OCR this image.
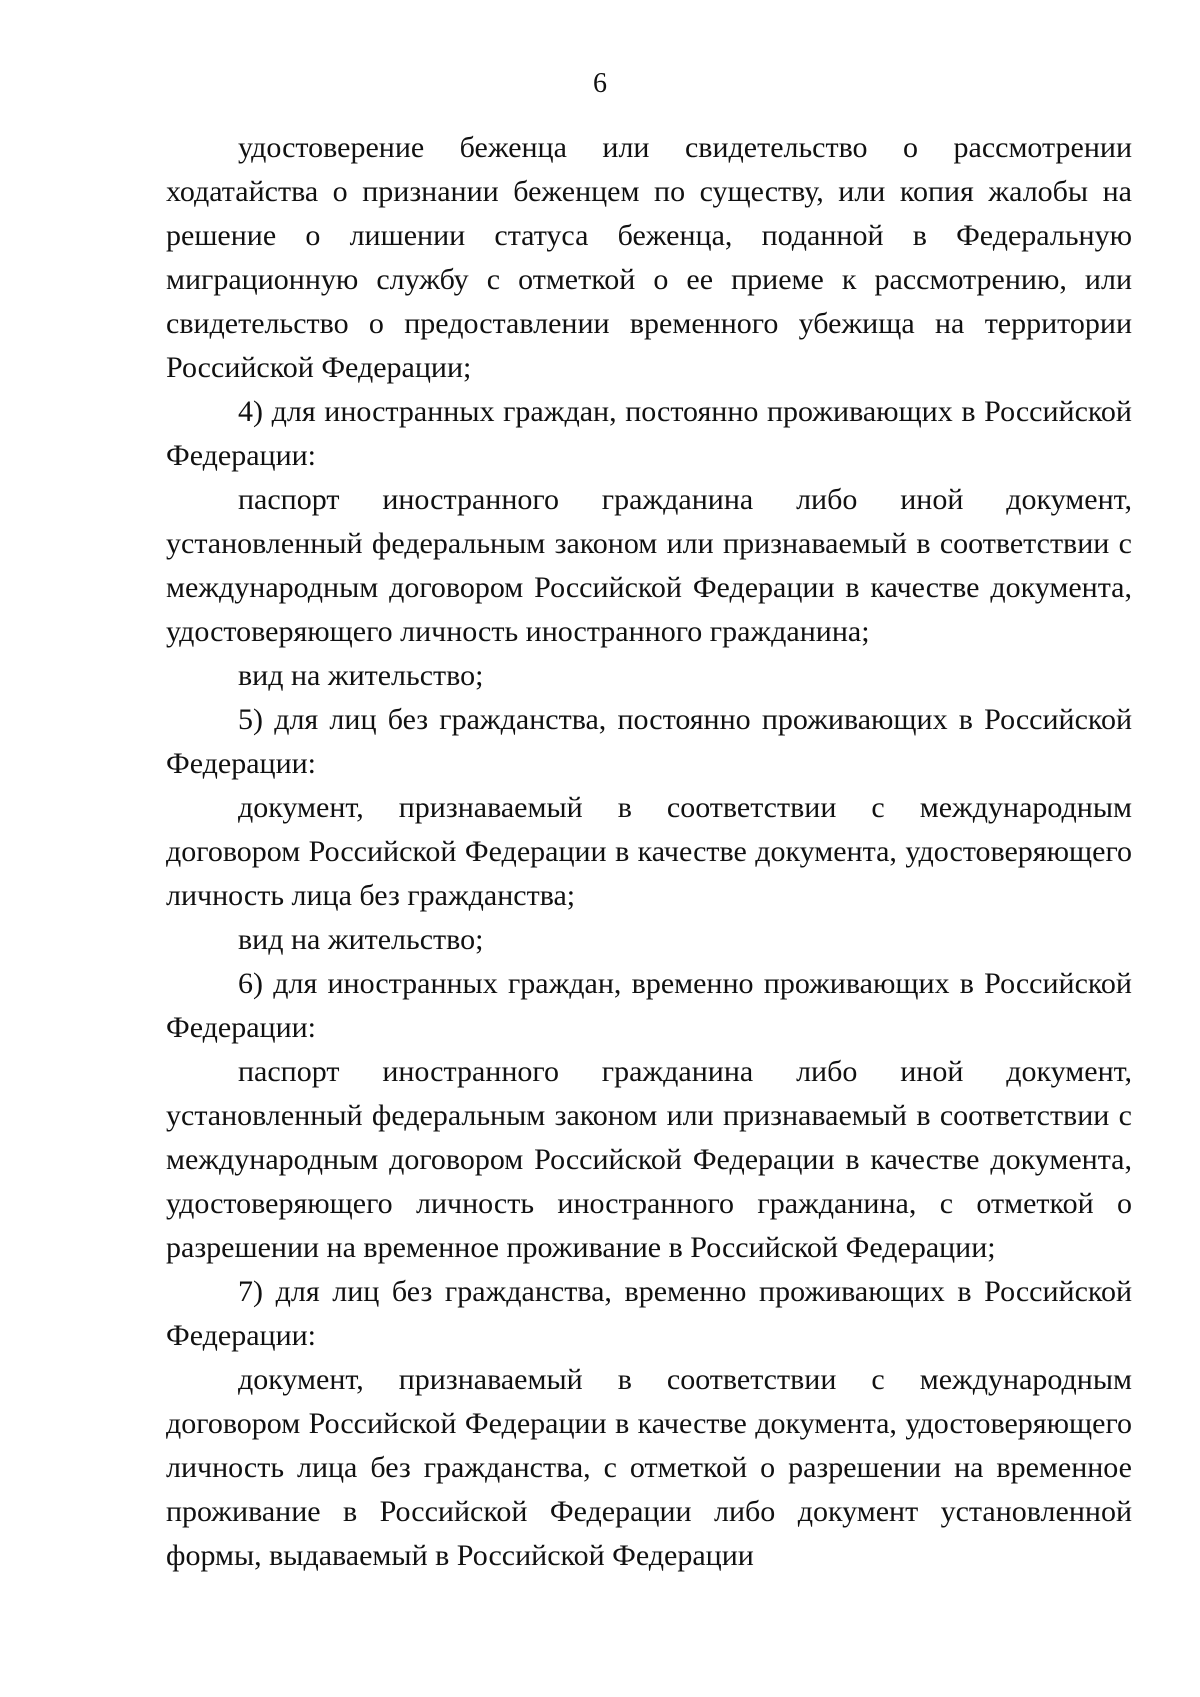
6

удостоверение беженца или свидетельство о рассмотрении ходатайства о признании беженцем по существу, или копия жалобы на решение о лишении статуса беженца, поданной в Федеральную миграционную службу с отметкой о ее приеме к рассмотрению, или свидетельство о предоставлении временного убежища на территории Российской Федерации;

4) для иностранных граждан, постоянно проживающих в Российской Федерации:

паспорт иностранного гражданина либо иной документ, установленный федеральным законом или признаваемый в соответствии с международным договором Российской Федерации в качестве документа, удостоверяющего личность иностранного гражданина;

вид на жительство;

5) для лиц без гражданства, постоянно проживающих в Российской Федерации:

документ, признаваемый в соответствии с международным договором Российской Федерации в качестве документа, удостоверяющего личность лица без гражданства;

вид на жительство;

6) для иностранных граждан, временно проживающих в Российской Федерации:

паспорт иностранного гражданина либо иной документ, установленный федеральным законом или признаваемый в соответствии с международным договором Российской Федерации в качестве документа, удостоверяющего личность иностранного гражданина, с отметкой о разрешении на временное проживание в Российской Федерации;

7) для лиц без гражданства, временно проживающих в Российской Федерации:

документ, признаваемый в соответствии с международным договором Российской Федерации в качестве документа, удостоверяющего личность лица без гражданства, с отметкой о разрешении на временное проживание в Российской Федерации либо документ установленной формы, выдаваемый в Российской Федерации
